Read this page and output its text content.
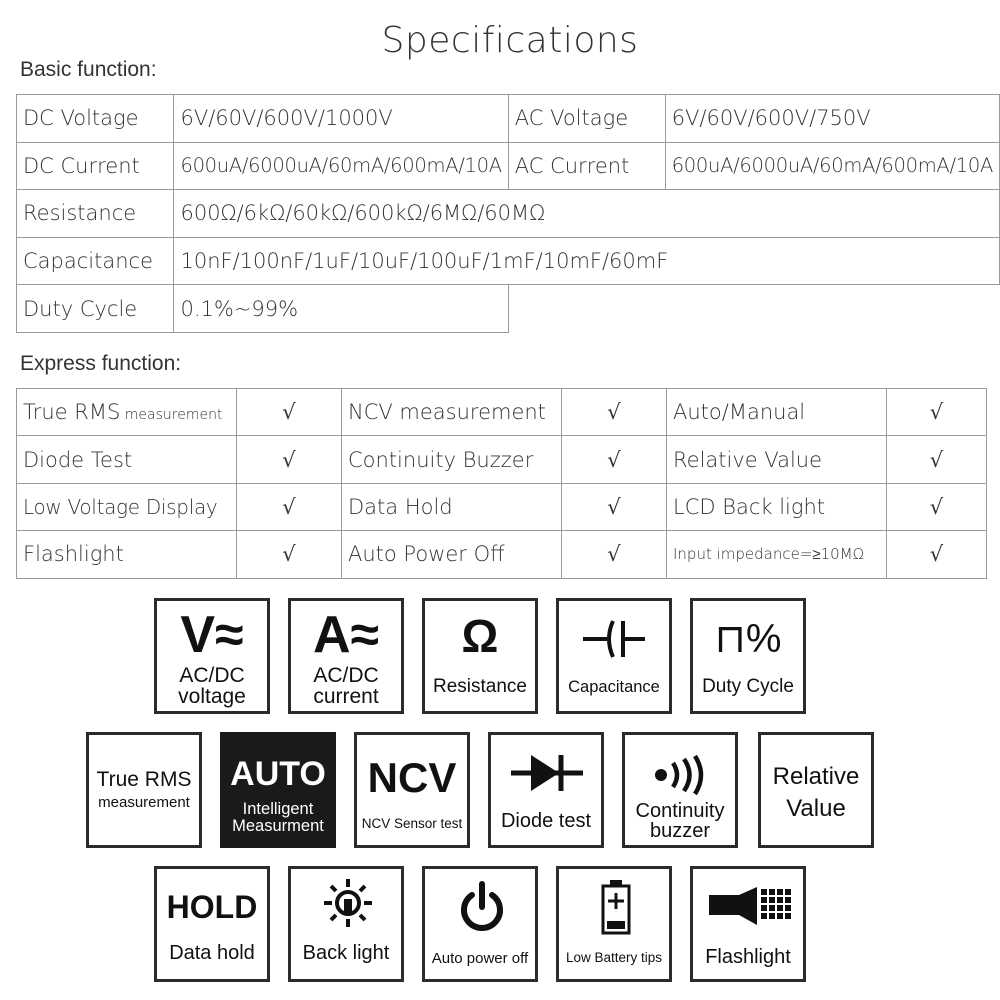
Specifications
Basic function:
DC Voltage	6V/60V/600V/1000V	AC Voltage	6V/60V/600V/750V
DC Current	600uA/6000uA/60mA/600mA/10A	AC Current	600uA/6000uA/60mA/600mA/10A
Resistance	600Ω/6kΩ/60kΩ/600kΩ/6MΩ/60MΩ		
Capacitance	10nF/100nF/1uF/10uF/100uF/1mF/10mF/60mF		
Duty Cycle	0.1%~99%		
Express function:
True RMS measurement	√	NCV measurement	√	Auto/Manual	√
Diode Test	√	Continuity Buzzer	√	Relative Value	√
Low Voltage Display	√	Data Hold	√	LCD Back light	√
Flashlight	√	Auto Power Off	√	Input impedance=≥10MΩ	√
V≈
AC/DC
voltage
A≈
AC/DC
current
Ω
Resistance	Capacitance
⊓%
Duty Cycle
True RMS
measurement
AUTO
Intelligent
Measurment
NCV
NCV Sensor test	Diode test	Continuity
buzzer
Relative
Value
HOLD
Data hold	Back light	Auto power off	Low Battery tips	Flashlight
